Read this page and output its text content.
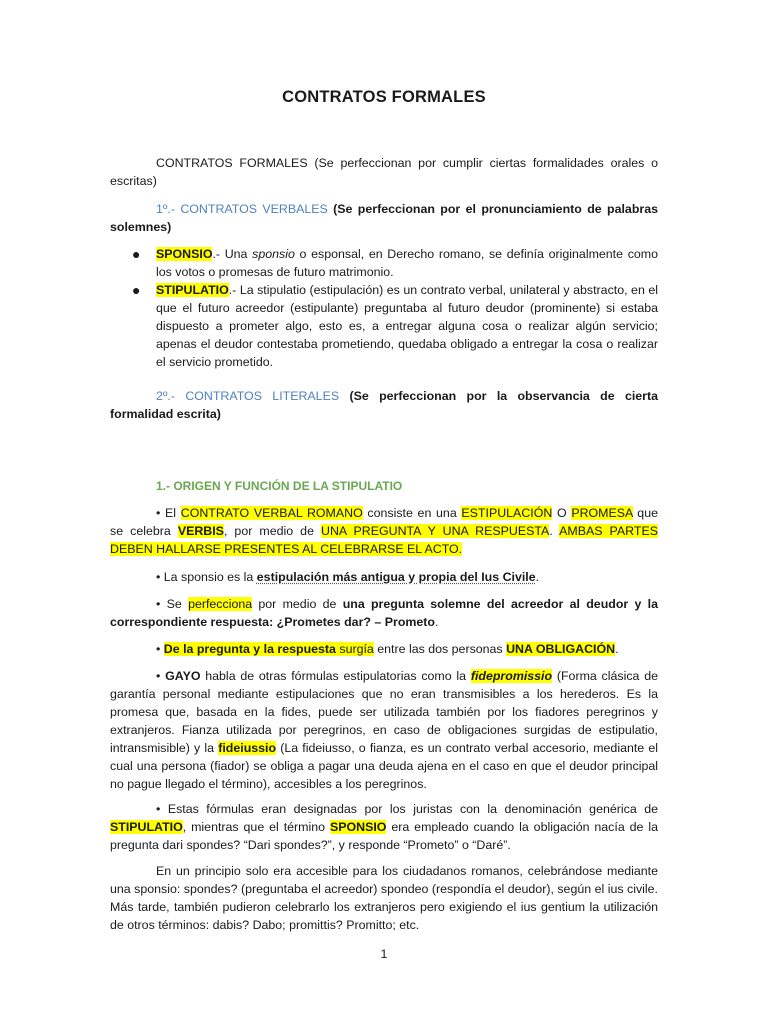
CONTRATOS FORMALES

CONTRATOS FORMALES (Se perfeccionan por cumplir ciertas formalidades orales o escritas)

1º.- CONTRATOS VERBALES (Se perfeccionan por el pronunciamiento de palabras solemnes)

● SPONSIO.- Una sponsio o esponsal, en Derecho romano, se definía originalmente como los votos o promesas de futuro matrimonio.

● STIPULATIO.- La stipulatio (estipulación) es un contrato verbal, unilateral y abstracto, en el que el futuro acreedor (estipulante) preguntaba al futuro deudor (prominente) si estaba dispuesto a prometer algo, esto es, a entregar alguna cosa o realizar algún servicio; apenas el deudor contestaba prometiendo, quedaba obligado a entregar la cosa o realizar el servicio prometido.

2º.- CONTRATOS LITERALES (Se perfeccionan por la observancia de cierta formalidad escrita)

1.- ORIGEN Y FUNCIÓN DE LA STIPULATIO

• El CONTRATO VERBAL ROMANO consiste en una ESTIPULACIÓN O PROMESA que se celebra VERBIS, por medio de UNA PREGUNTA Y UNA RESPUESTA. AMBAS PARTES DEBEN HALLARSE PRESENTES AL CELEBRARSE EL ACTO.

• La sponsio es la estipulación más antigua y propia del Ius Civile.

• Se perfecciona por medio de una pregunta solemne del acreedor al deudor y la correspondiente respuesta: ¿Prometes dar? – Prometo.

• De la pregunta y la respuesta surgía entre las dos personas UNA OBLIGACIÓN.

• GAYO habla de otras fórmulas estipulatorias como la fidepromissio (Forma clásica de garantía personal mediante estipulaciones que no eran transmisibles a los herederos. Es la promesa que, basada en la fides, puede ser utilizada también por los fiadores peregrinos y extranjeros. Fianza utilizada por peregrinos, en caso de obligaciones surgidas de estipulatio, intransmisible) y la fideiussio (La fideiusso, o fianza, es un contrato verbal accesorio, mediante el cual una persona (fiador) se obliga a pagar una deuda ajena en el caso en que el deudor principal no pague llegado el término), accesibles a los peregrinos.

• Estas fórmulas eran designadas por los juristas con la denominación genérica de STIPULATIO, mientras que el término SPONSIO era empleado cuando la obligación nacía de la pregunta dari spondes? “Dari spondes?”, y responde “Prometo” o “Daré”.

En un principio solo era accesible para los ciudadanos romanos, celebrándose mediante una sponsio: spondes? (preguntaba el acreedor) spondeo (respondía el deudor), según el ius civile. Más tarde, también pudieron celebrarlo los extranjeros pero exigiendo el ius gentium la utilización de otros términos: dabis? Dabo; promittis? Promitto; etc.

1
